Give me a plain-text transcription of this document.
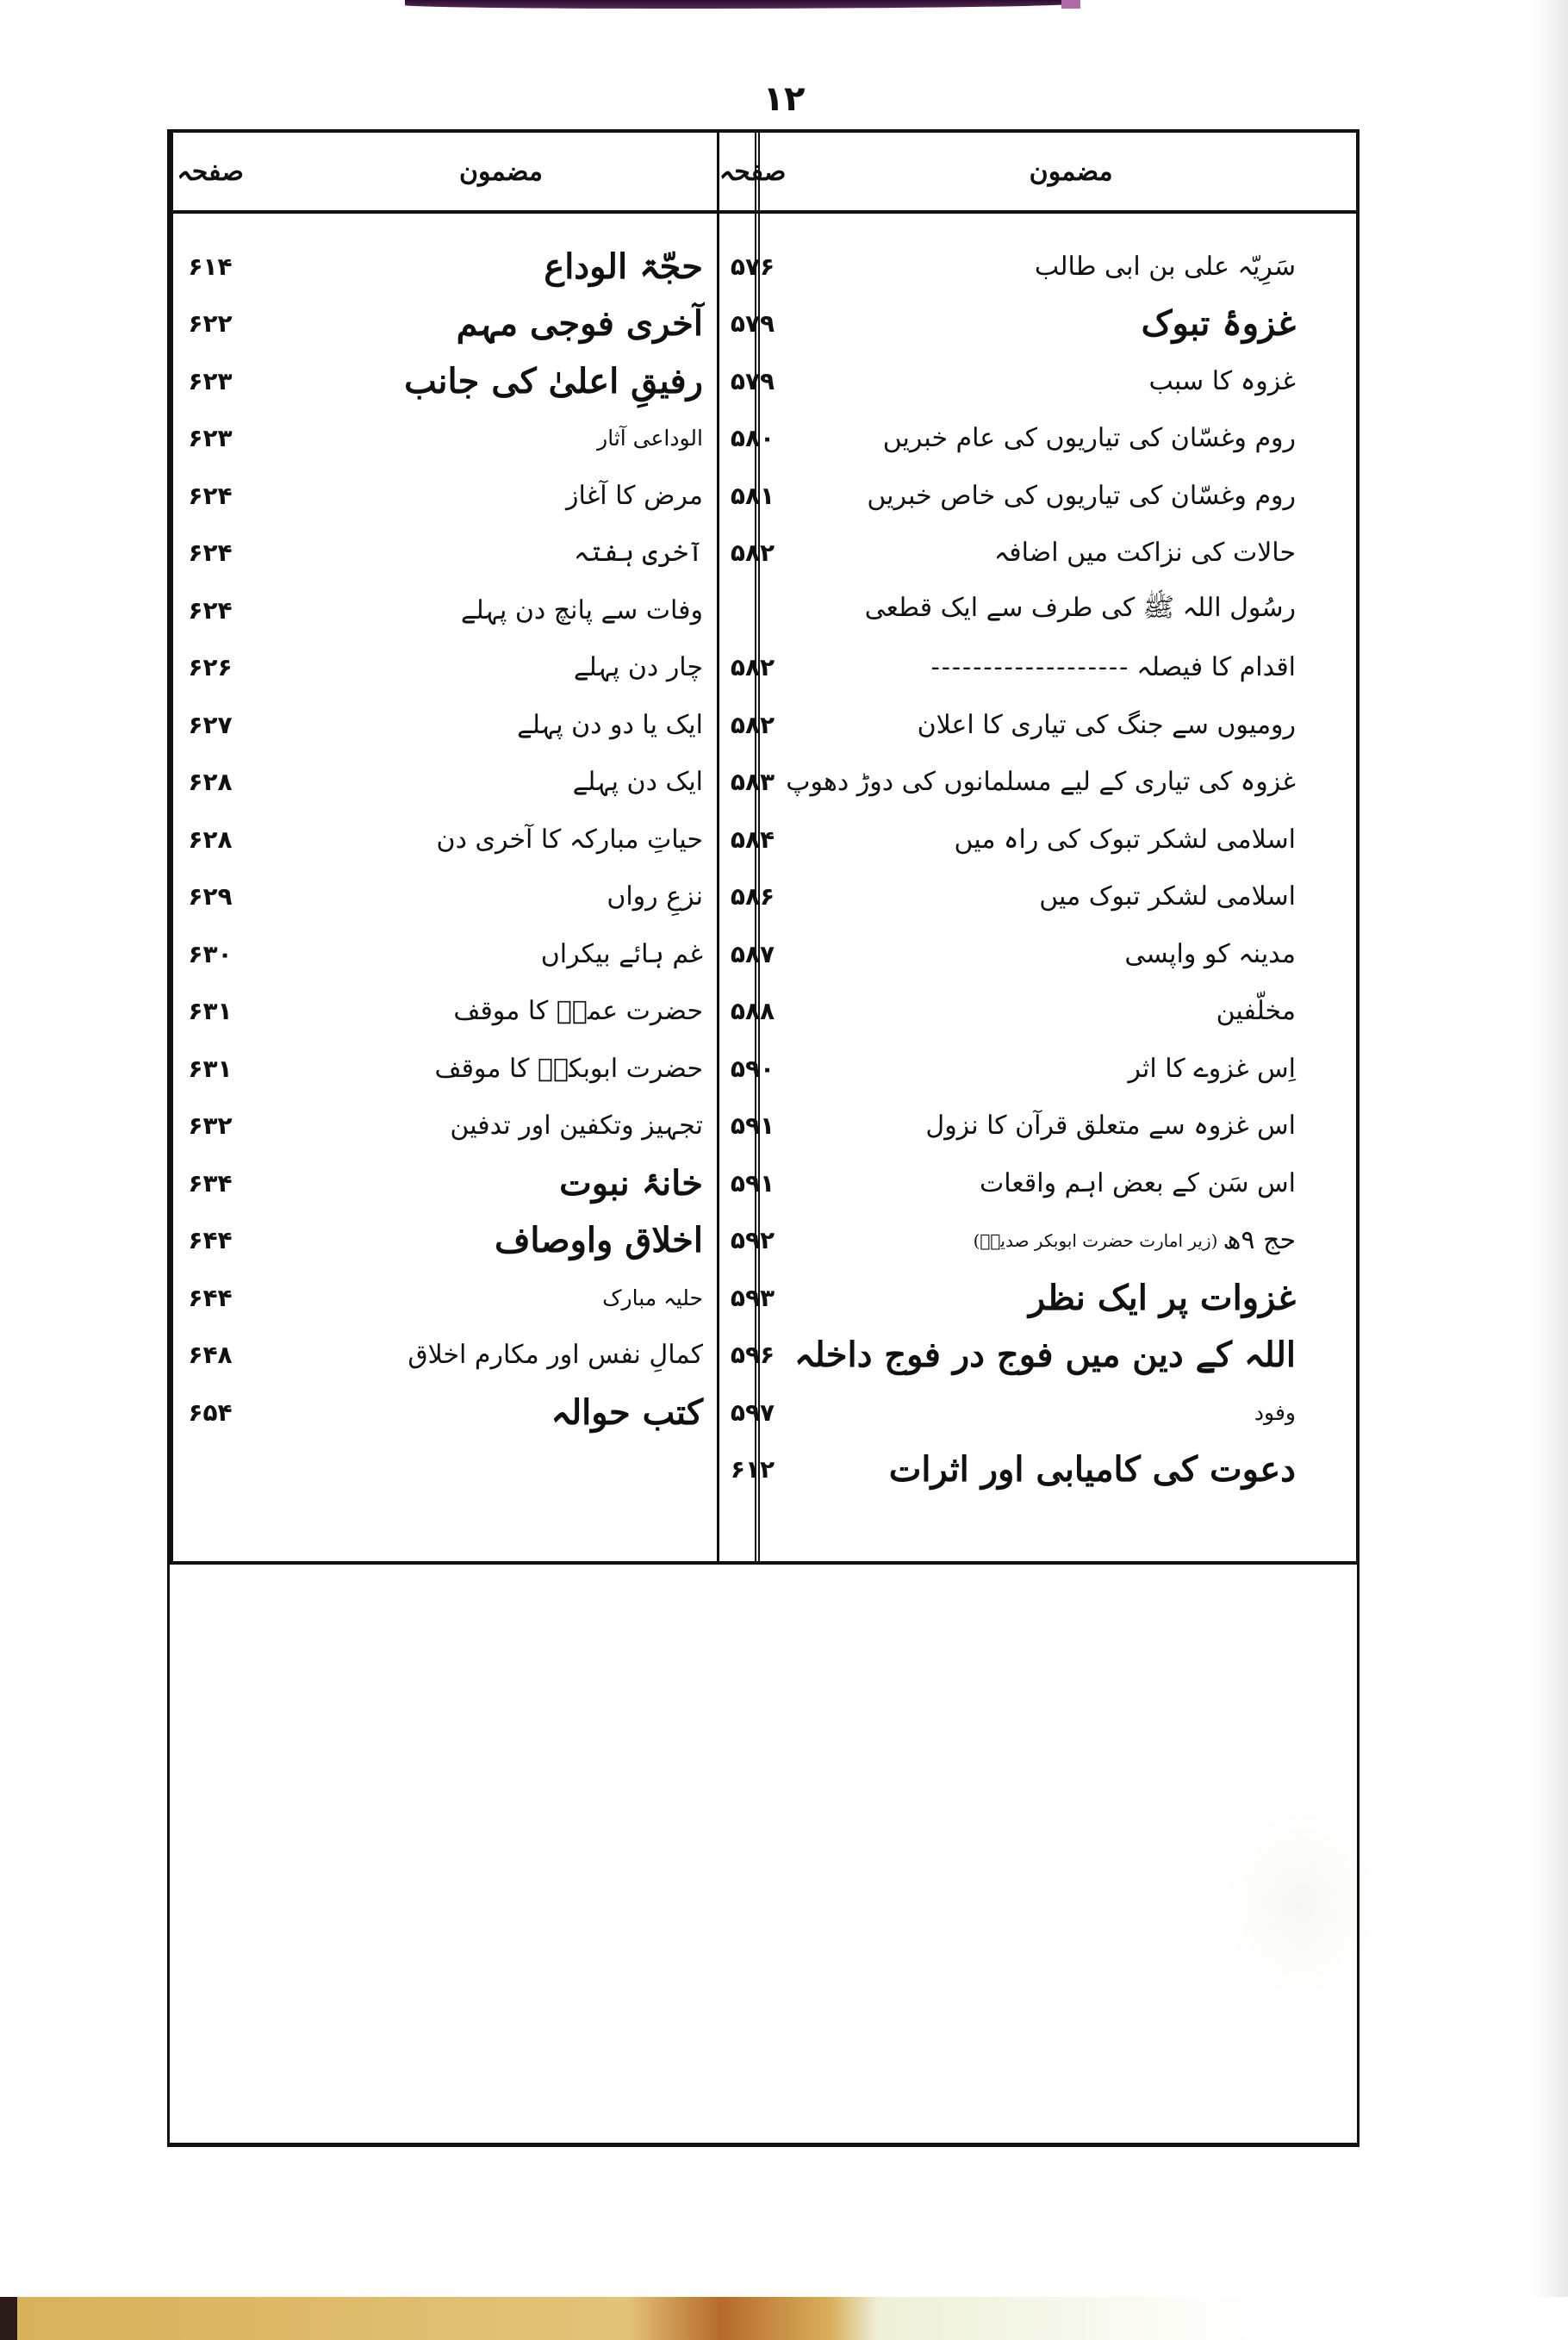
۱۲
مضمون
سَرِیّہ علی بن ابی طالب
غزوۂ تبوک
غزوہ کا سبب
روم وغسّان کی تیاریوں کی عام خبریں
روم وغسّان کی تیاریوں کی خاص خبریں
حالات کی نزاکت میں اضافہ
رسُول اللہ ﷺ کی طرف سے ایک قطعی
اقدام کا فیصلہ
-------------------
رومیوں سے جنگ کی تیاری کا اعلان
غزوہ کی تیاری کے لیے مسلمانوں کی دوڑ دھوپ
اسلامی لشکر تبوک کی راہ میں
اسلامی لشکر تبوک میں
مدینہ کو واپسی
مخلّفین
اِس غزوے کا اثر
اس غزوہ سے متعلق قرآن کا نزول
اس سَن کے بعض اہم واقعات
حج ۹ھ
(زیر امارت حضرت ابوبکر صدیقؓ)
غزوات پر ایک نظر
اللہ کے دین میں فوج در فوج داخلہ
وفود
دعوت کی کامیابی اور اثرات
صفحہ
۵۷۶
۵۷۹
۵۷۹
۵۸۰
۵۸۱
۵۸۲
۵۸۲
۵۸۲
۵۸۳
۵۸۴
۵۸۶
۵۸۷
۵۸۸
۵۹۰
۵۹۱
۵۹۱
۵۹۲
۵۹۳
۵۹۶
۵۹۷
۶۱۲
مضمون
حجّۃ الوداع
آخری فوجی مہم
رفیقِ اعلیٰ کی جانب
الوداعی آثار
مرض کا آغاز
آخری ہفتہ
وفات سے پانچ دن پہلے
چار دن پہلے
ایک یا دو دن پہلے
ایک دن پہلے
حیاتِ مبارکہ کا آخری دن
نزعِ رواں
غم ہائے بیکراں
حضرت عمرؓ کا موقف
حضرت ابوبکرؓ کا موقف
تجہیز وتکفین اور تدفین
خانۂ نبوت
اخلاق واوصاف
حلیہ مبارک
کمالِ نفس اور مکارم اخلاق
کتب حوالہ
صفحہ
۶۱۴
۶۲۲
۶۲۳
۶۲۳
۶۲۴
۶۲۴
۶۲۴
۶۲۶
۶۲۷
۶۲۸
۶۲۸
۶۲۹
۶۳۰
۶۳۱
۶۳۱
۶۳۲
۶۳۴
۶۴۴
۶۴۴
۶۴۸
۶۵۴
